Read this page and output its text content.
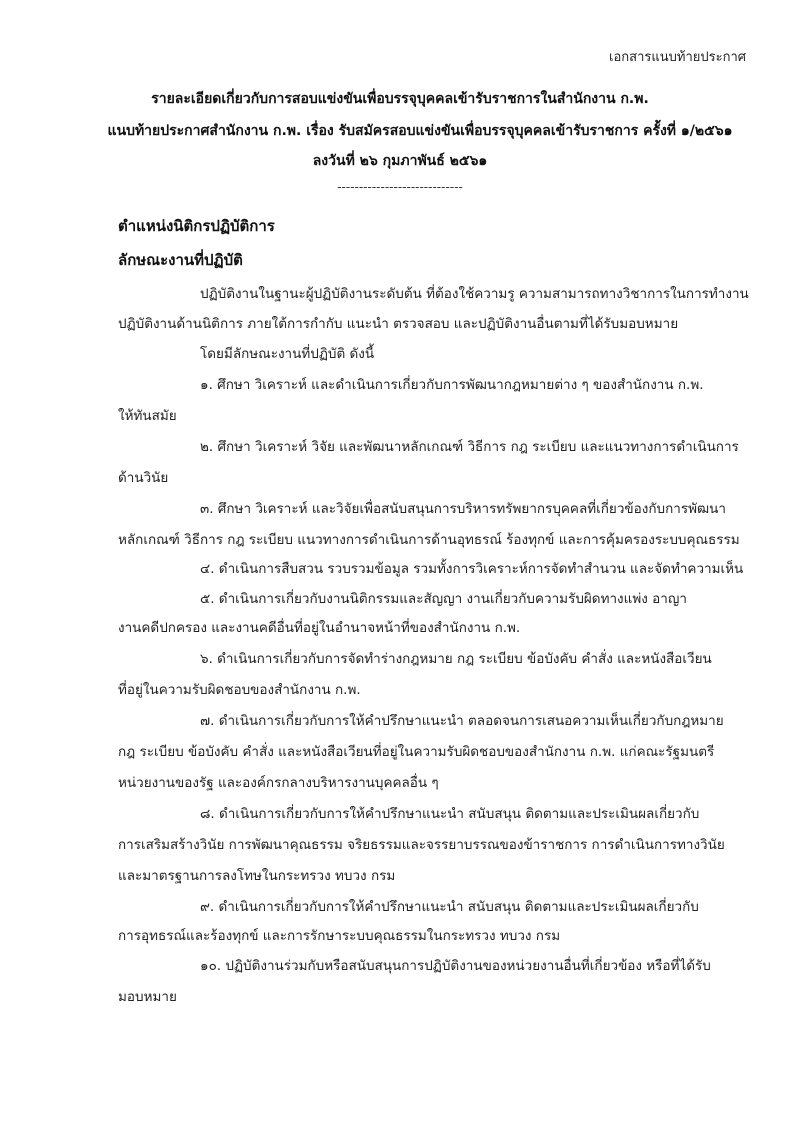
เอกสารแนบท้ายประกาศ
รายละเอียดเกี่ยวกับการสอบแข่งขันเพื่อบรรจุบุคคลเข้ารับราชการในสำนักงาน ก.พ.
แนบท้ายประกาศสำนักงาน ก.พ. เรื่อง รับสมัครสอบแข่งขันเพื่อบรรจุบุคคลเข้ารับราชการ ครั้งที่ ๑/๒๕๖๑
ลงวันที่ ๒๖ กุมภาพันธ์ ๒๕๖๑
-----------------------------
ตำแหน่งนิติกรปฏิบัติการ
ลักษณะงานที่ปฏิบัติ
ปฏิบัติงานในฐานะผู้ปฏิบัติงานระดับต้น ที่ต้องใช้ความรู ความสามารถทางวิชาการในการทำงาน
ปฏิบัติงานด้านนิติการ ภายใต้การกำกับ แนะนำ ตรวจสอบ และปฏิบัติงานอื่นตามที่ได้รับมอบหมาย
โดยมีลักษณะงานที่ปฏิบัติ ดังนี้
๑. ศึกษา วิเคราะห์ และดำเนินการเกี่ยวกับการพัฒนากฎหมายต่าง ๆ ของสำนักงาน ก.พ.
ให้ทันสมัย
๒. ศึกษา วิเคราะห์ วิจัย และพัฒนาหลักเกณฑ์ วิธีการ กฎ ระเบียบ และแนวทางการดำเนินการ
ด้านวินัย
๓. ศึกษา วิเคราะห์ และวิจัยเพื่อสนับสนุนการบริหารทรัพยากรบุคคลที่เกี่ยวข้องกับการพัฒนา
หลักเกณฑ์ วิธีการ กฎ ระเบียบ แนวทางการดำเนินการด้านอุทธรณ์ ร้องทุกข์ และการคุ้มครองระบบคุณธรรม
๔. ดำเนินการสืบสวน รวบรวมข้อมูล รวมทั้งการวิเคราะห์การจัดทำสำนวน และจัดทำความเห็น
๕. ดำเนินการเกี่ยวกับงานนิติกรรมและสัญญา งานเกี่ยวกับความรับผิดทางแพ่ง อาญา
งานคดีปกครอง และงานคดีอื่นที่อยู่ในอำนาจหน้าที่ของสำนักงาน ก.พ.
๖. ดำเนินการเกี่ยวกับการจัดทำร่างกฎหมาย กฎ ระเบียบ ข้อบังคับ คำสั่ง และหนังสือเวียน
ที่อยู่ในความรับผิดชอบของสำนักงาน ก.พ.
๗. ดำเนินการเกี่ยวกับการให้คำปรึกษาแนะนำ ตลอดจนการเสนอความเห็นเกี่ยวกับกฎหมาย
กฎ ระเบียบ ข้อบังคับ คำสั่ง และหนังสือเวียนที่อยู่ในความรับผิดชอบของสำนักงาน ก.พ. แก่คณะรัฐมนตรี
หน่วยงานของรัฐ และองค์กรกลางบริหารงานบุคคลอื่น ๆ
๘. ดำเนินการเกี่ยวกับการให้คำปรึกษาแนะนำ สนับสนุน ติดตามและประเมินผลเกี่ยวกับ
การเสริมสร้างวินัย การพัฒนาคุณธรรม จริยธรรมและจรรยาบรรณของข้าราชการ การดำเนินการทางวินัย
และมาตรฐานการลงโทษในกระทรวง ทบวง กรม
๙. ดำเนินการเกี่ยวกับการให้คำปรึกษาแนะนำ สนับสนุน ติดตามและประเมินผลเกี่ยวกับ
การอุทธรณ์และร้องทุกข์ และการรักษาระบบคุณธรรมในกระทรวง ทบวง กรม
๑๐. ปฏิบัติงานร่วมกับหรือสนับสนุนการปฏิบัติงานของหน่วยงานอื่นที่เกี่ยวข้อง หรือที่ได้รับ
มอบหมาย
